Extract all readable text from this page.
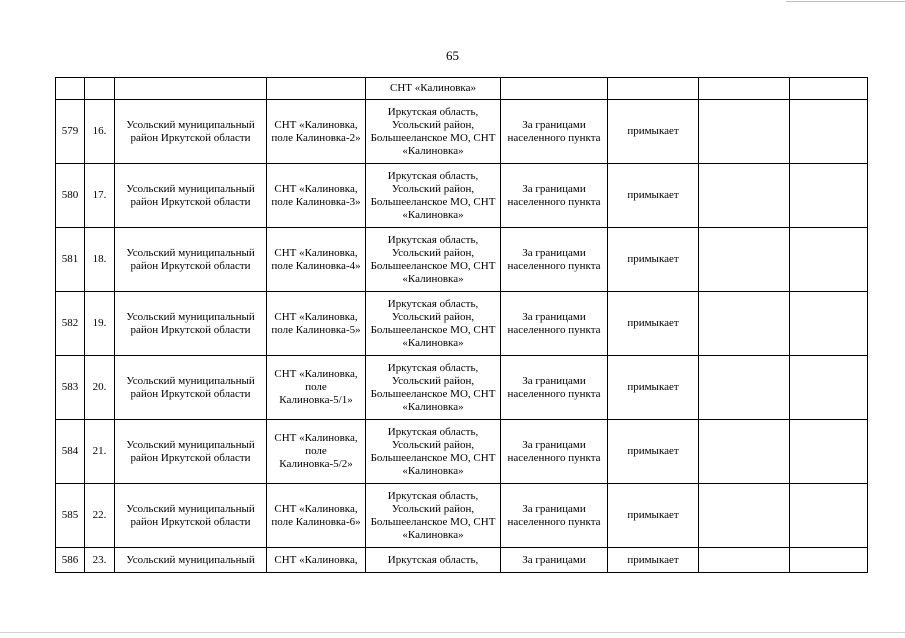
65
				СНТ «Калиновка»				
579	16.	Усольский муниципальный район Иркутской области	СНТ «Калиновка, поле Калиновка-2»	Иркутская область, Усольский район, Большееланское МО, СНТ «Калиновка»	За границами населенного пункта	примыкает		
580	17.	Усольский муниципальный район Иркутской области	СНТ «Калиновка, поле Калиновка-3»	Иркутская область, Усольский район, Большееланское МО, СНТ «Калиновка»	За границами населенного пункта	примыкает		
581	18.	Усольский муниципальный район Иркутской области	СНТ «Калиновка, поле Калиновка-4»	Иркутская область, Усольский район, Большееланское МО, СНТ «Калиновка»	За границами населенного пункта	примыкает		
582	19.	Усольский муниципальный район Иркутской области	СНТ «Калиновка, поле Калиновка-5»	Иркутская область, Усольский район, Большееланское МО, СНТ «Калиновка»	За границами населенного пункта	примыкает		
583	20.	Усольский муниципальный район Иркутской области	СНТ «Калиновка, поле Калиновка-5/1»	Иркутская область, Усольский район, Большееланское МО, СНТ «Калиновка»	За границами населенного пункта	примыкает		
584	21.	Усольский муниципальный район Иркутской области	СНТ «Калиновка, поле Калиновка-5/2»	Иркутская область, Усольский район, Большееланское МО, СНТ «Калиновка»	За границами населенного пункта	примыкает		
585	22.	Усольский муниципальный район Иркутской области	СНТ «Калиновка, поле Калиновка-6»	Иркутская область, Усольский район, Большееланское МО, СНТ «Калиновка»	За границами населенного пункта	примыкает		
586	23.	Усольский муниципальный	СНТ «Калиновка,	Иркутская область,	За границами	примыкает		
